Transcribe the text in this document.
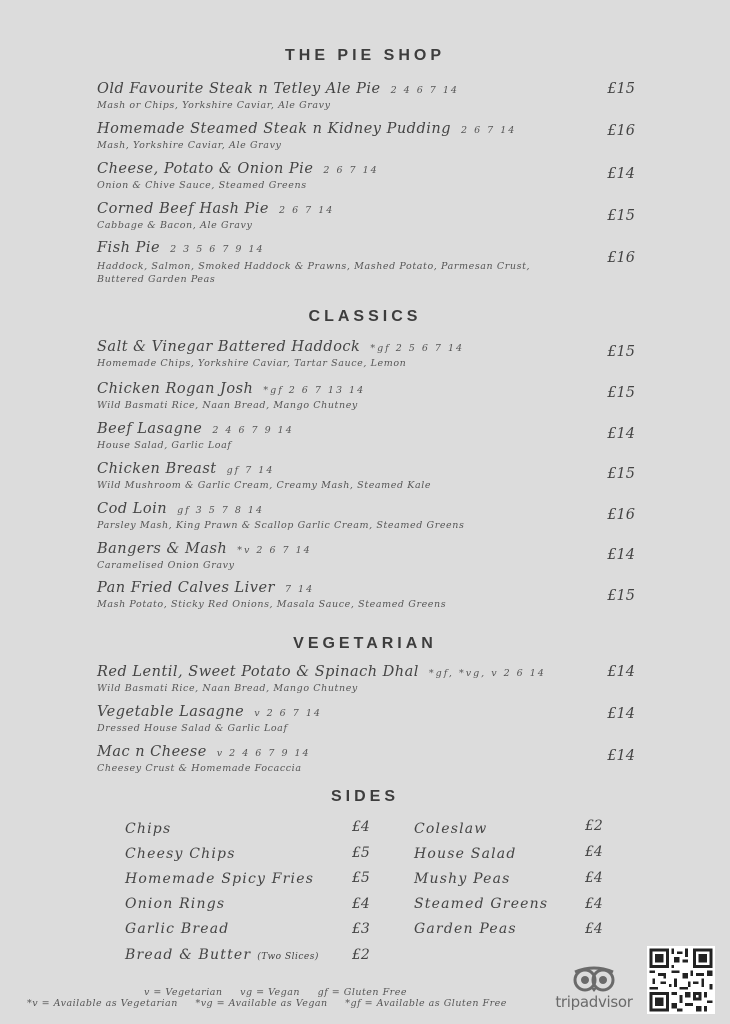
THE PIE SHOP
CLASSICS
VEGETARIAN
SIDES
Old Favourite Steak n Tetley Ale Pie 2 4 6 7 14
Mash or Chips, Yorkshire Caviar, Ale Gravy
£15
Homemade Steamed Steak n Kidney Pudding 2 6 7 14
Mash, Yorkshire Caviar, Ale Gravy
£16
Cheese, Potato & Onion Pie 2 6 7 14
Onion & Chive Sauce, Steamed Greens
£14
Corned Beef Hash Pie 2 6 7 14
Cabbage & Bacon, Ale Gravy
£15
Fish Pie 2 3 5 6 7 9 14
Haddock, Salmon, Smoked Haddock & Prawns, Mashed Potato, Parmesan Crust, Buttered Garden Peas
£16
Salt & Vinegar Battered Haddock *gf 2 5 6 7 14
Homemade Chips, Yorkshire Caviar, Tartar Sauce, Lemon
£15
Chicken Rogan Josh *gf 2 6 7 13 14
Wild Basmati Rice, Naan Bread, Mango Chutney
£15
Beef Lasagne 2 4 6 7 9 14
House Salad, Garlic Loaf
£14
Chicken Breast gf 7 14
Wild Mushroom & Garlic Cream, Creamy Mash, Steamed Kale
£15
Cod Loin gf 3 5 7 8 14
Parsley Mash, King Prawn & Scallop Garlic Cream, Steamed Greens
£16
Bangers & Mash *v 2 6 7 14
Caramelised Onion Gravy
£14
Pan Fried Calves Liver 7 14
Mash Potato, Sticky Red Onions, Masala Sauce, Steamed Greens
£15
Red Lentil, Sweet Potato & Spinach Dhal *gf, *vg, v 2 6 14
Wild Basmati Rice, Naan Bread, Mango Chutney
£14
Vegetable Lasagne v 2 6 7 14
Dressed House Salad & Garlic Loaf
£14
Mac n Cheese v 2 4 6 7 9 14
Cheesey Crust & Homemade Focaccia
£14
Chips	£4
Cheesy Chips	£5
Homemade Spicy Fries	£5
Onion Rings	£4
Garlic Bread	£3
Bread & Butter (Two Slices) £2
Coleslaw	£2
House Salad	£4
Mushy Peas	£4
Steamed Greens	£4
Garden Peas	£4
v = Vegetarian     vg = Vegan     gf = Gluten Free
*v = Available as Vegetarian     *vg = Available as Vegan     *gf = Available as Gluten Free	tripadvisor
